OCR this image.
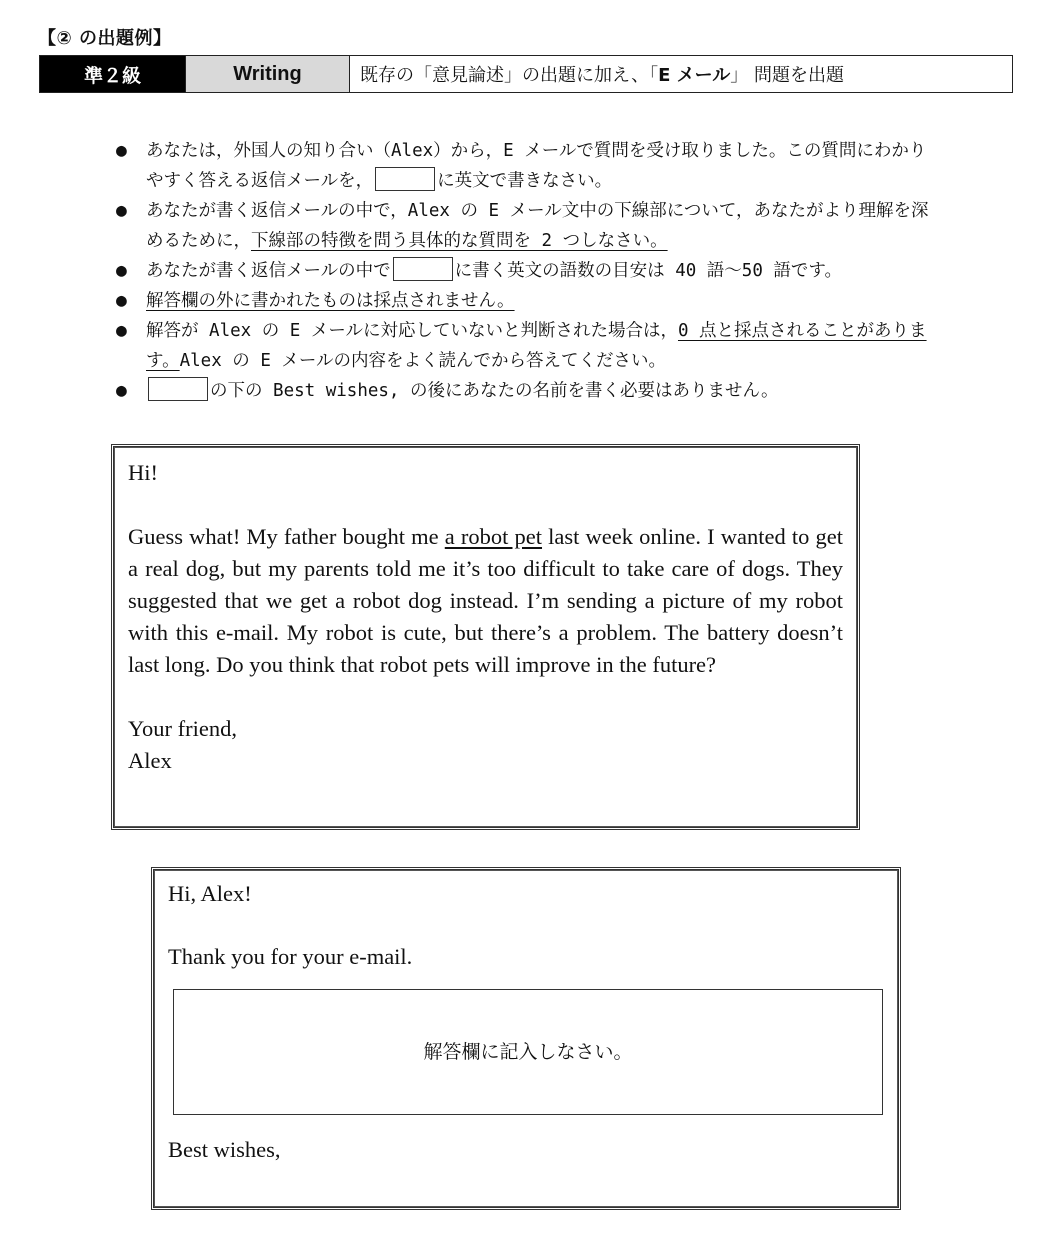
【② の出題例】
準２級	Writing	既存の「意見論述」の出題に加え、「 E メール 」 問題を出題
● あなたは，外国人の知り合い（Alex）から，E メールで質問を受け取りました。この質問にわかりやすく答える返信メールを，	に英文で書きなさい。
● あなたが書く返信メールの中で，Alex の E メール文中の下線部について，あなたがより理解を深めるために，下線部の特徴を問う具体的な質問を 2 つしなさい。
● あなたが書く返信メールの中で	に書く英文の語数の目安は 40 語～50 語です。
● 解答欄の外に書かれたものは採点されません。
● 解答が Alex の E メールに対応していないと判断された場合は，0 点と採点されることがあります。Alex の E メールの内容をよく読んでから答えてください。
●	の下の Best wishes, の後にあなたの名前を書く必要はありません。
Hi!

Guess what! My father bought me a robot pet last week online. I wanted to get a real dog, but my parents told me it’s too difficult to take care of dogs. They suggested that we get a robot dog instead. I’m sending a picture of my robot with this e-mail. My robot is cute, but there’s a problem. The battery doesn’t last long. Do you think that robot pets will improve in the future?

Your friend,
Alex
Hi, Alex!
Thank you for your e-mail.
解答欄に記入しなさい。
Best wishes,
